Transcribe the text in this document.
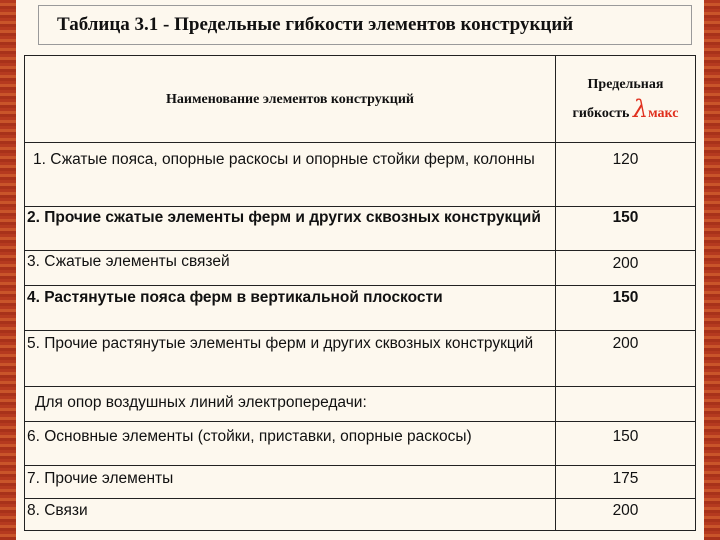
Таблица 3.1 - Предельные гибкости элементов конструкций
Наименование элементов конструкций	Предельная
гибкость λмакс

1. Сжатые пояса, опорные раскосы и опорные стойки ферм, колонны	120
2. Прочие сжатые элементы ферм и других сквозных конструкций	150
3. Сжатые элементы связей	200
4. Растянутые пояса ферм в вертикальной плоскости	150
5. Прочие растянутые элементы ферм и других сквозных конструкций	200
Для опор воздушных линий электропередачи:	
6. Основные элементы (стойки, приставки, опорные раскосы)	150
7. Прочие элементы	175
8. Связи	200
